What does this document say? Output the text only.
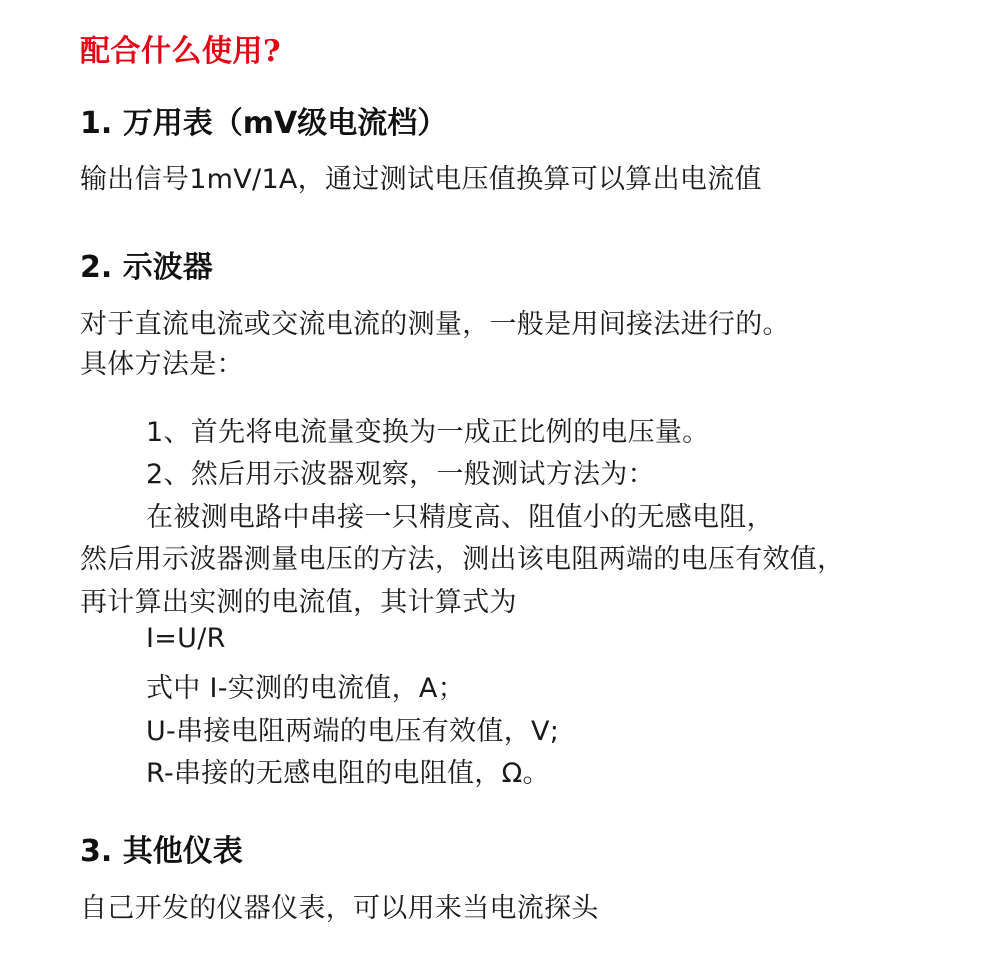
配合什么使用?
1. 万用表（mV级电流档）
输出信号1mV/1A，通过测试电压值换算可以算出电流值
2. 示波器
对于直流电流或交流电流的测量，一般是用间接法进行的。
具体方法是：
1、首先将电流量变换为一成正比例的电压量。
2、然后用示波器观察，一般测试方法为：
在被测电路中串接一只精度高、阻值小的无感电阻，
然后用示波器测量电压的方法，测出该电阻两端的电压有效值，
再计算出实测的电流值，其计算式为
I=U/R
式中 I-实测的电流值，A；
U-串接电阻两端的电压有效值，V;
R-串接的无感电阻的电阻值，Ω。
3. 其他仪表
自己开发的仪器仪表，可以用来当电流探头
